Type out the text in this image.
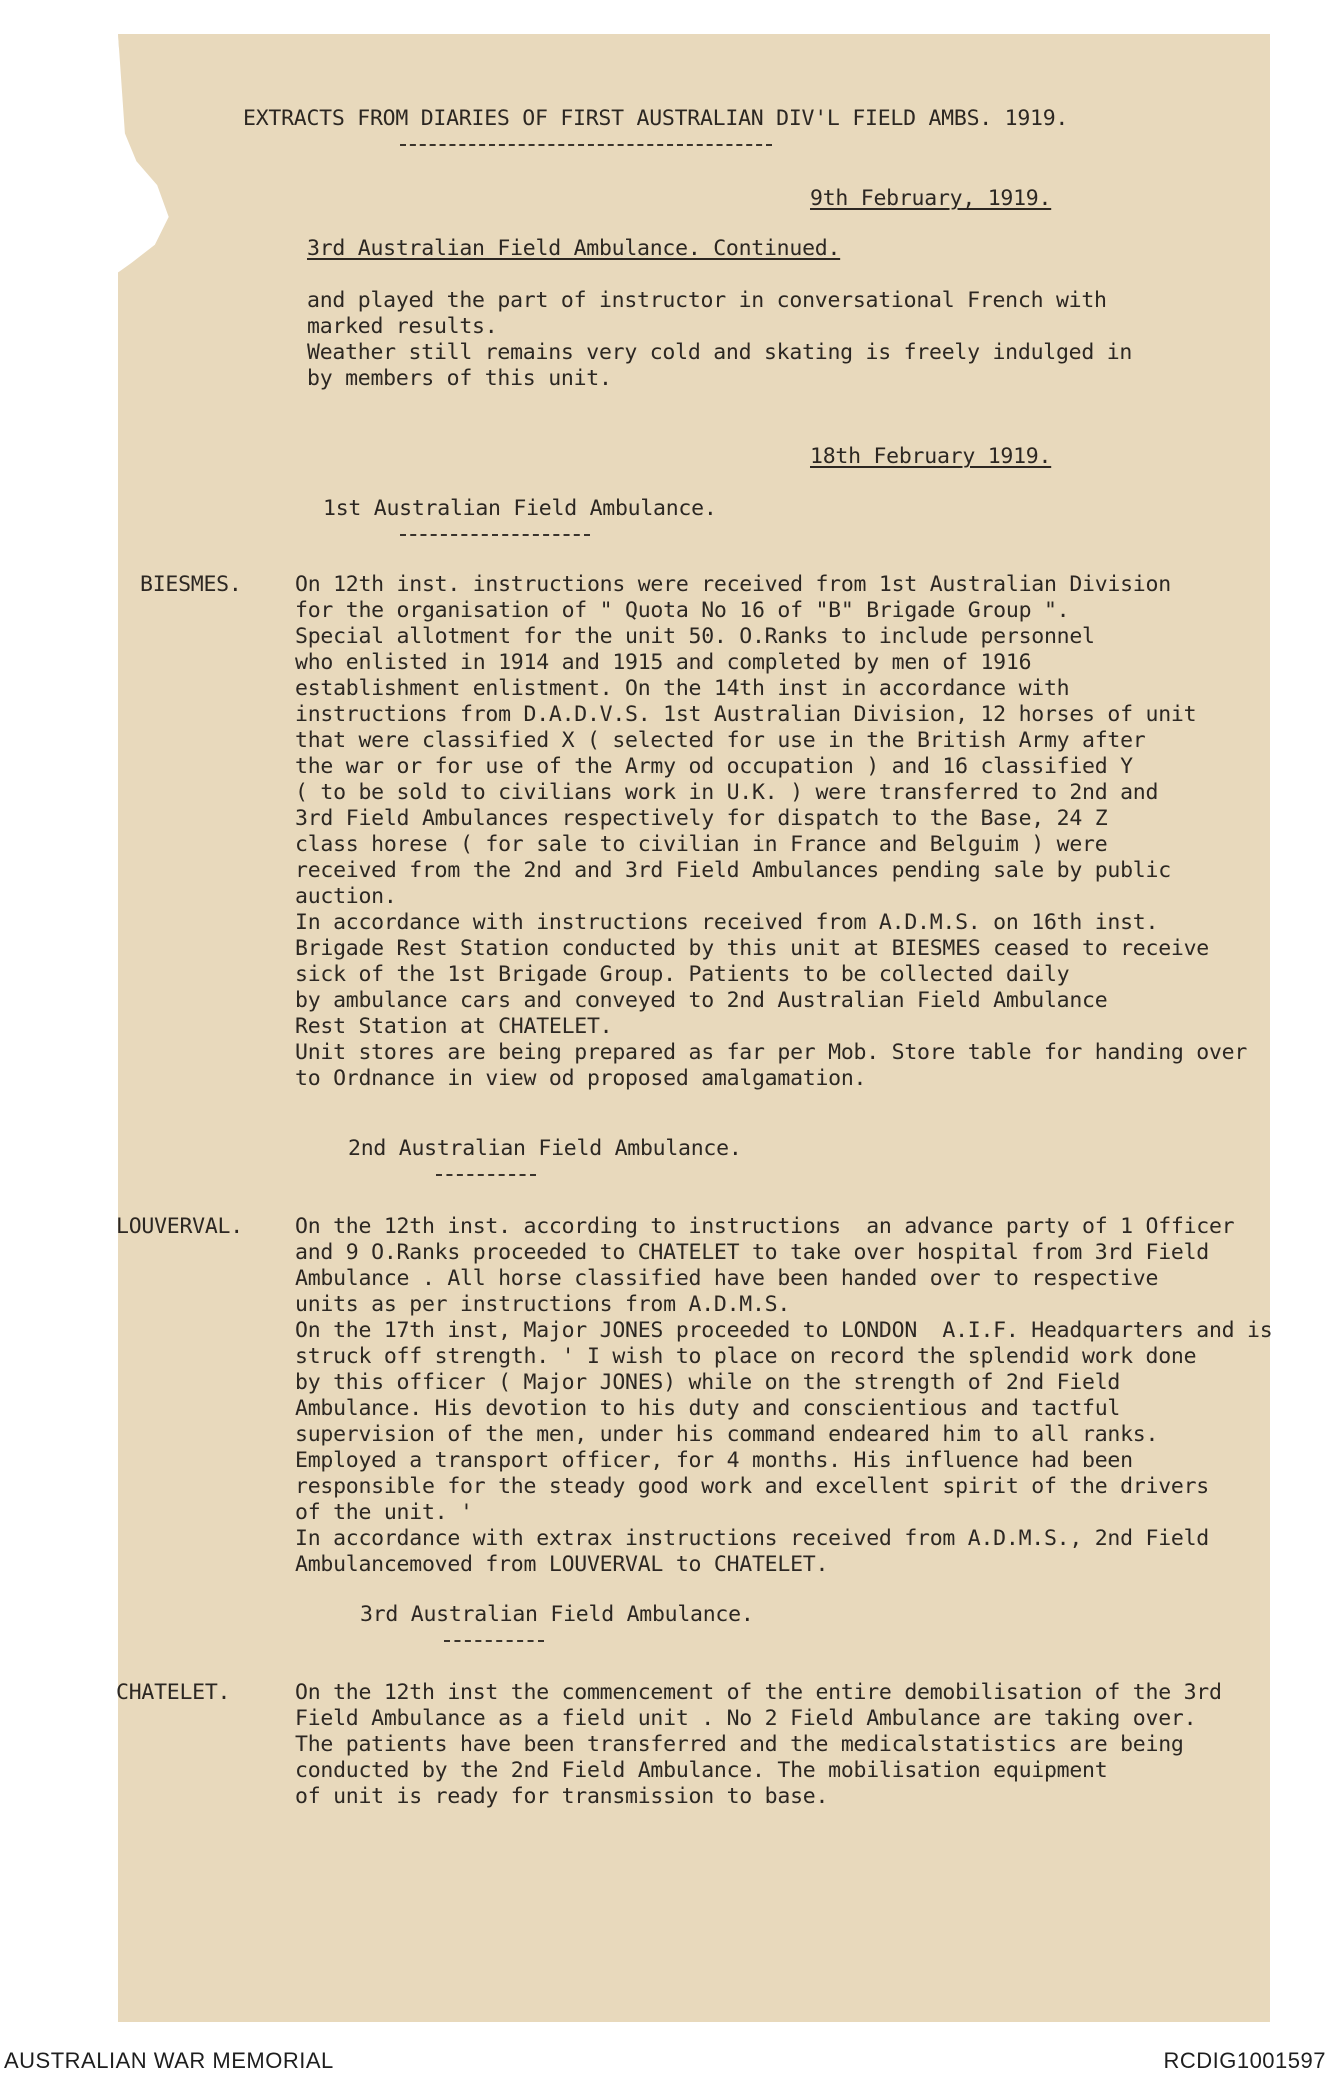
EXTRACTS FROM DIARIES OF FIRST AUSTRALIAN DIV'L FIELD AMBS. 1919.
9th February, 1919.
3rd Australian Field Ambulance. Continued.
and played the part of instructor in conversational French with
marked results.
Weather still remains very cold and skating is freely indulged in
by members of this unit.
18th February 1919.
1st Australian Field Ambulance.
BIESMES. On 12th inst. instructions were received from 1st Australian Division
for the organisation of " Quota No 16 of "B" Brigade Group ".
Special allotment for the unit 50. O.Ranks to include personnel
who enlisted in 1914 and 1915 and completed by men of 1916
establishment enlistment. On the 14th inst in accordance with
instructions from D.A.D.V.S. 1st Australian Division, 12 horses of unit
that were classified X ( selected for use in the British Army after
the war or for use of the Army od occupation ) and 16 classified Y
( to be sold to civilians work in U.K. ) were transferred to 2nd and
3rd Field Ambulances respectively for dispatch to the Base, 24 Z
class horese ( for sale to civilian in France and Belguim ) were
received from the 2nd and 3rd Field Ambulances pending sale by public
auction.
In accordance with instructions received from A.D.M.S. on 16th inst.
Brigade Rest Station conducted by this unit at BIESMES ceased to receive
sick of the 1st Brigade Group. Patients to be collected daily
by ambulance cars and conveyed to 2nd Australian Field Ambulance
Rest Station at CHATELET.
Unit stores are being prepared as far per Mob. Store table for handing over
to Ordnance in view od proposed amalgamation.
2nd Australian Field Ambulance.
LOUVERVAL. On the 12th inst. according to instructions  an advance party of 1 Officer
and 9 O.Ranks proceeded to CHATELET to take over hospital from 3rd Field
Ambulance . All horse classified have been handed over to respective
units as per instructions from A.D.M.S.
On the 17th inst, Major JONES proceeded to LONDON  A.I.F. Headquarters and is
struck off strength. ' I wish to place on record the splendid work done
by this officer ( Major JONES) while on the strength of 2nd Field
Ambulance. His devotion to his duty and conscientious and tactful
supervision of the men, under his command endeared him to all ranks.
Employed a transport officer, for 4 months. His influence had been
responsible for the steady good work and excellent spirit of the drivers
of the unit. '
In accordance with extrax instructions received from A.D.M.S., 2nd Field
Ambulancemoved from LOUVERVAL to CHATELET.
3rd Australian Field Ambulance.
CHATELET.	On the 12th inst the commencement of the entire demobilisation of the 3rd
Field Ambulance as a field unit . No 2 Field Ambulance are taking over.
The patients have been transferred and the medicalstatistics are being
conducted by the 2nd Field Ambulance. The mobilisation equipment
of unit is ready for transmission to base.
AUSTRALIAN WAR MEMORIAL	RCDIG1001597
